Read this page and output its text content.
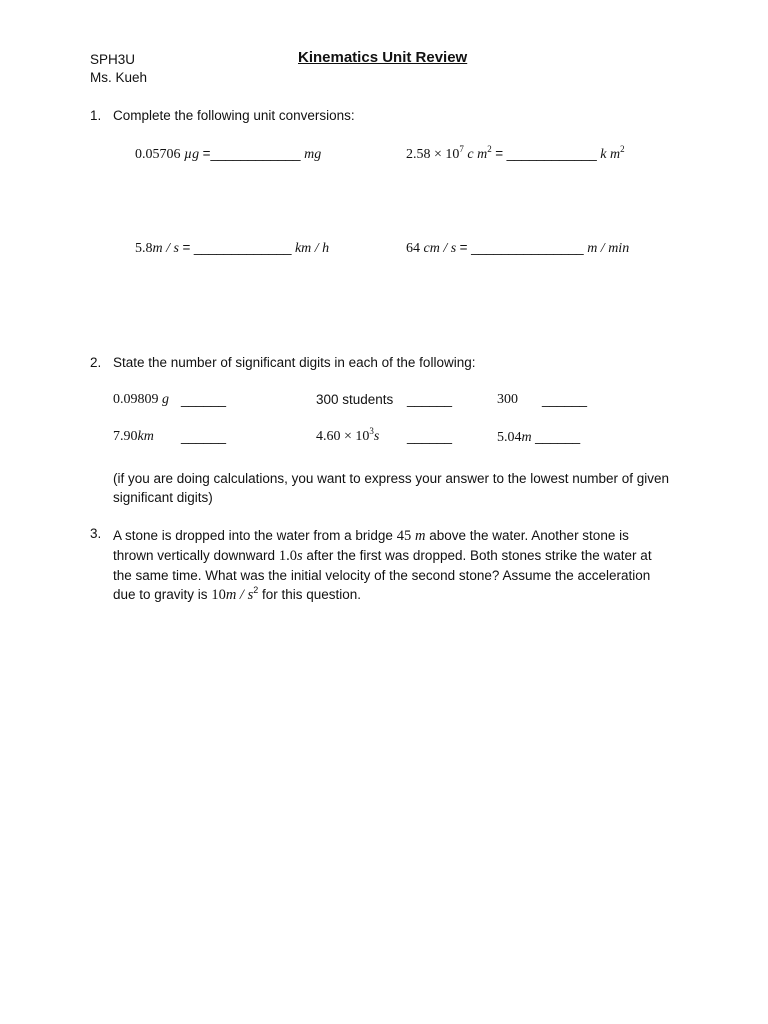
SPH3U
Ms. Kueh
Kinematics Unit Review
1. Complete the following unit conversions:
0.05706 µg =____________ mg	$2.58 \times 10^7$ c $m^2$ = ____________ k $m^2$
5.8m / s = _____________ km / h	64 cm / s = _______________ m / min
2. State the number of significant digits in each of the following:
0.09809 g ______	300 students ______	300 ______
7.90km ______	$4.60 \times 10^3s$ ______	5.04m ______
(if you are doing calculations, you want to express your answer to the lowest number of given significant digits)
3. A stone is dropped into the water from a bridge 45 m above the water. Another stone is thrown vertically downward 1.0s after the first was dropped. Both stones strike the water at the same time. What was the initial velocity of the second stone? Assume the acceleration due to gravity is $10m / s^2$ for this question.
